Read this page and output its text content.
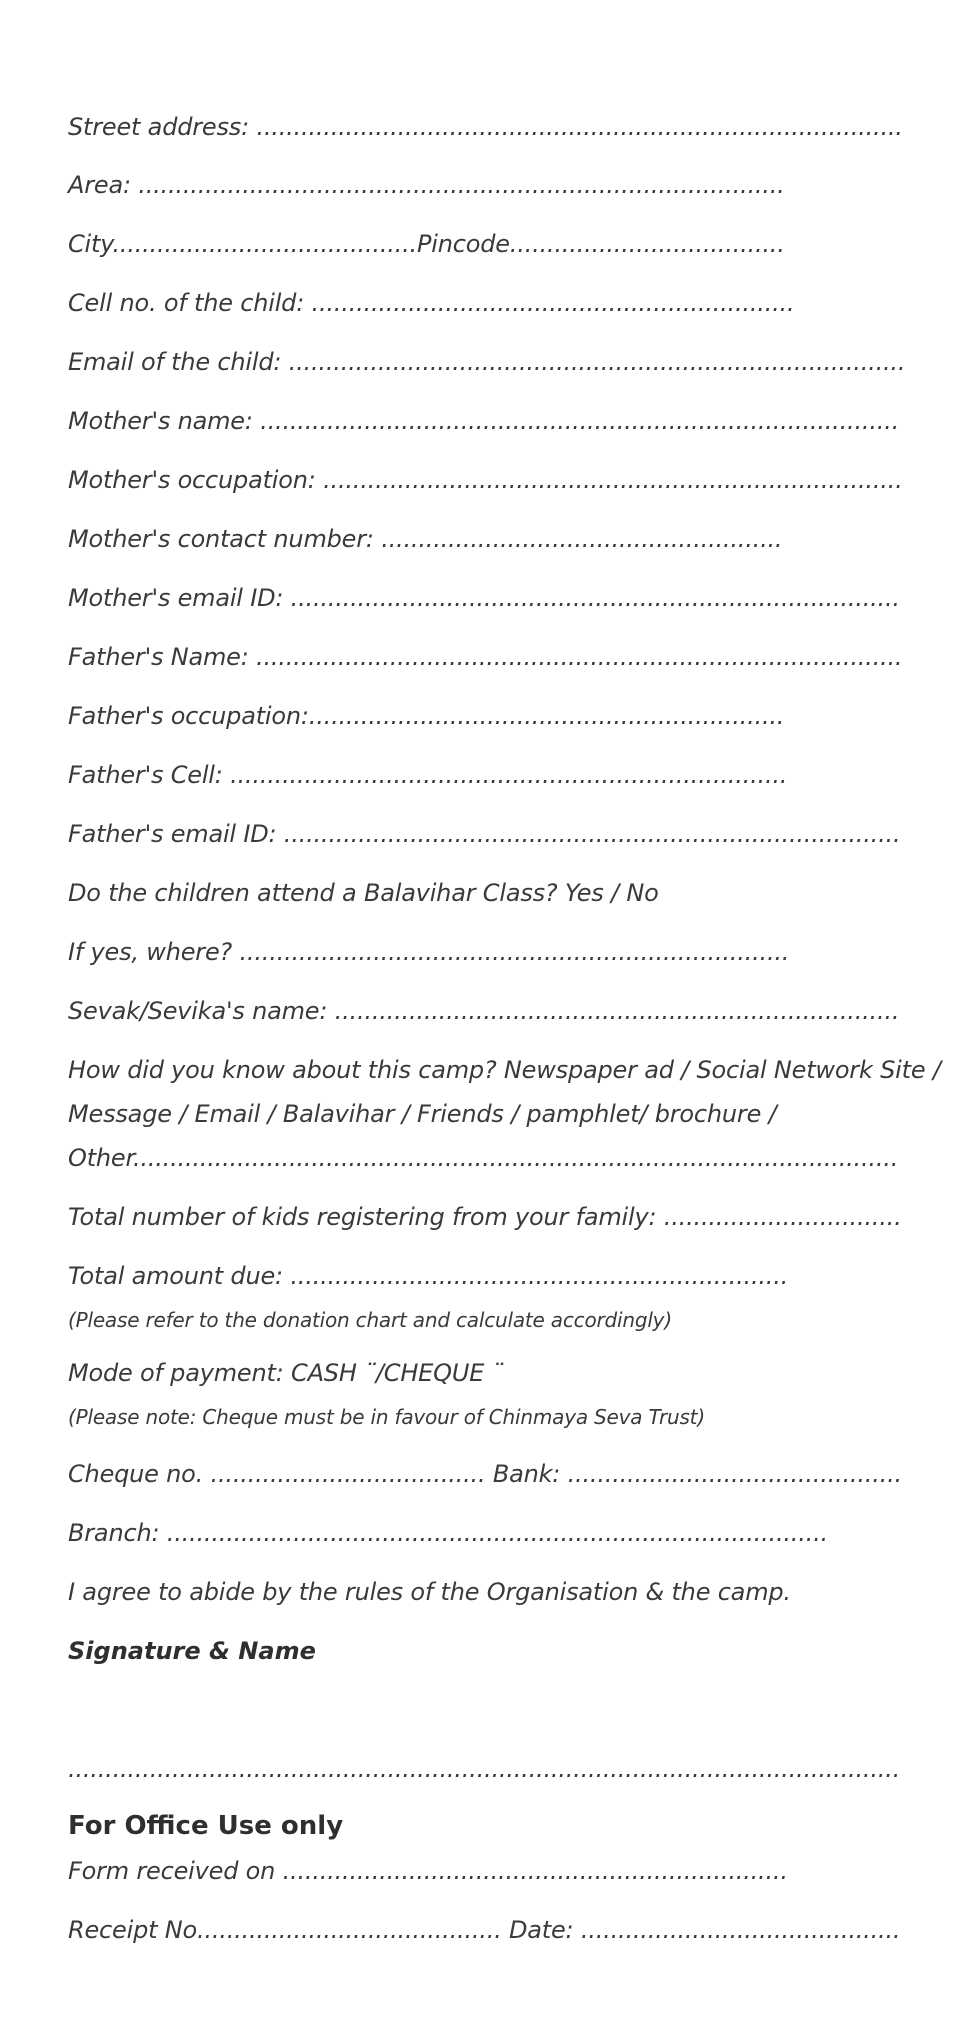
Street address: .......................................................................................
Area: .......................................................................................
City.........................................Pincode.....................................
Cell no. of the child: .................................................................
Email of the child: ...................................................................................
Mother's name: ......................................................................................
Mother's occupation: ..............................................................................
Mother's contact number: ......................................................
Mother's email ID: ..................................................................................
Father's Name: .......................................................................................
Father's occupation:................................................................
Father's Cell: ...........................................................................
Father's email ID: ...................................................................................
Do the children attend a Balavihar Class? Yes / No
If yes, where? ..........................................................................
Sevak/Sevika's name: ............................................................................
How did you know about this camp? Newspaper ad / Social Network Site /
Message / Email / Balavihar / Friends / pamphlet/ brochure /
Other.......................................................................................................
Total number of kids registering from your family: ................................
Total amount due: ...................................................................
(Please refer to the donation chart and calculate accordingly)
Mode of payment: CASH ¨/CHEQUE ¨
(Please note: Cheque must be in favour of Chinmaya Seva Trust)
Cheque no. ..................................... Bank: .............................................
Branch: .........................................................................................
I agree to abide by the rules of the Organisation & the camp.
Signature & Name
................................................................................................................
For Office Use only
Form received on ....................................................................
Receipt No......................................... Date: ...........................................
